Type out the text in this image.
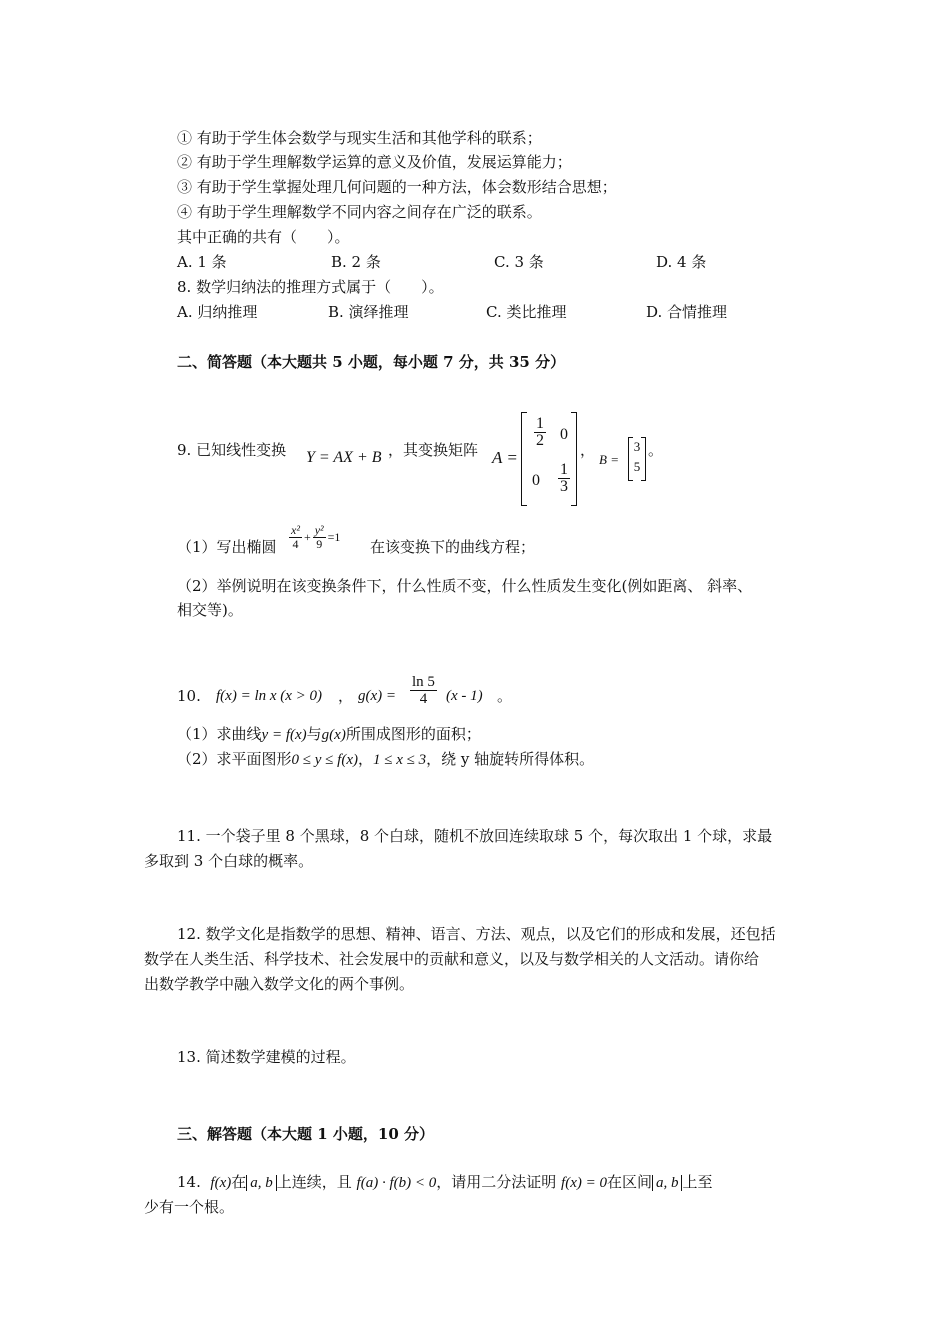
① 有助于学生体会数学与现实生活和其他学科的联系；
② 有助于学生理解数学运算的意义及价值，发展运算能力；
③ 有助于学生掌握处理几何问题的一种方法，体会数形结合思想；
④ 有助于学生理解数学不同内容之间存在广泛的联系。
其中正确的共有（　　）。
A. 1 条	B. 2 条	C. 3 条	D. 4 条
8. 数学归纳法的推理方式属于（　　）。
A. 归纳推理	B. 演绎推理	C. 类比推理	D. 合情推理
二、简答题（本大题共 5 小题，每小题 7 分，共 35 分）
9. 已知线性变换 Y = AX + B ，其变换矩阵 A =
$\frac{1}{2} 0$
$0 \frac{1}{3}$
，
B =
3
5
。
（1）写出椭圆 $\frac{\text{x²}}{4} + \frac{\text{y²}}{9} =1$
在该变换下的曲线方程；
（2）举例说明在该变换条件下，什么性质不变，什么性质发生变化(例如距离、 斜率、
相交等)。
10. f(x) = ln x (x > 0) ， $g(x) = \frac{\ln 5}{4} (x - 1)$ 。
（1）求曲线y = f(x)与g(x)所围成图形的面积；
（2）求平面图形0 ≤ y ≤ f(x)，1 ≤ x ≤ 3，绕 y 轴旋转所得体积。
11. 一个袋子里 8 个黑球，8 个白球，随机不放回连续取球 5 个，每次取出 1 个球，求最
多取到 3 个白球的概率。
12. 数学文化是指数学的思想、精神、语言、方法、观点，以及它们的形成和发展，还包括
数学在人类生活、科学技术、社会发展中的贡献和意义，以及与数学相关的人文活动。请你给
出数学教学中融入数学文化的两个事例。
13. 简述数学建模的过程。
三、解答题（本大题 1 小题，10 分）
14. f(x)在 a, b 上连续，且 f(a) · f(b) < 0，请用二分法证明 f(x) = 0在区间 a, b 上至
少有一个根。
